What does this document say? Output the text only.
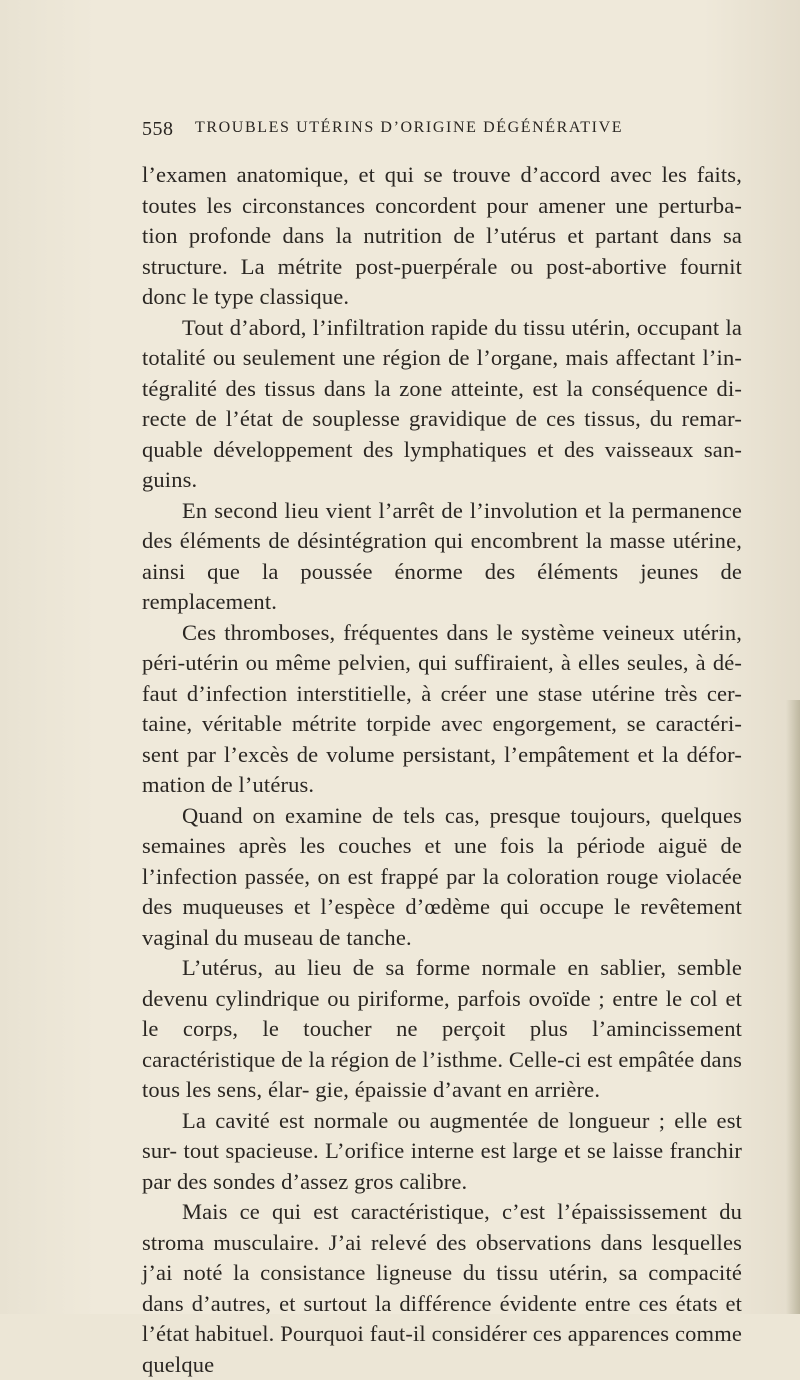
558 TROUBLES UTÉRINS D’ORIGINE DÉGÉNÉRATIVE

l’examen anatomique, et qui se trouve d’accord avec les faits, toutes les circonstances concordent pour amener une perturba- tion profonde dans la nutrition de l’utérus et partant dans sa structure. La métrite post-puerpérale ou post-abortive fournit donc le type classique.

Tout d’abord, l’infiltration rapide du tissu utérin, occupant la totalité ou seulement une région de l’organe, mais affectant l’in- tégralité des tissus dans la zone atteinte, est la conséquence di- recte de l’état de souplesse gravidique de ces tissus, du remar- quable développement des lymphatiques et des vaisseaux san- guins.

En second lieu vient l’arrêt de l’involution et la permanence des éléments de désintégration qui encombrent la masse utérine, ainsi que la poussée énorme des éléments jeunes de remplacement.

Ces thromboses, fréquentes dans le système veineux utérin, péri-utérin ou même pelvien, qui suffiraient, à elles seules, à dé- faut d’infection interstitielle, à créer une stase utérine très cer- taine, véritable métrite torpide avec engorgement, se caractéri- sent par l’excès de volume persistant, l’empâtement et la défor- mation de l’utérus.

Quand on examine de tels cas, presque toujours, quelques semaines après les couches et une fois la période aiguë de l’infection passée, on est frappé par la coloration rouge violacée des muqueuses et l’espèce d’œdème qui occupe le revêtement vaginal du museau de tanche.

L’utérus, au lieu de sa forme normale en sablier, semble devenu cylindrique ou piriforme, parfois ovoïde ; entre le col et le corps, le toucher ne perçoit plus l’amincissement caractéristique de la région de l’isthme. Celle-ci est empâtée dans tous les sens, élar- gie, épaissie d’avant en arrière.

La cavité est normale ou augmentée de longueur ; elle est sur- tout spacieuse. L’orifice interne est large et se laisse franchir par des sondes d’assez gros calibre.

Mais ce qui est caractéristique, c’est l’épaississement du stroma musculaire. J’ai relevé des observations dans lesquelles j’ai noté la consistance ligneuse du tissu utérin, sa compacité dans d’autres, et surtout la différence évidente entre ces états et l’état habituel. Pourquoi faut-il considérer ces apparences comme quelque
